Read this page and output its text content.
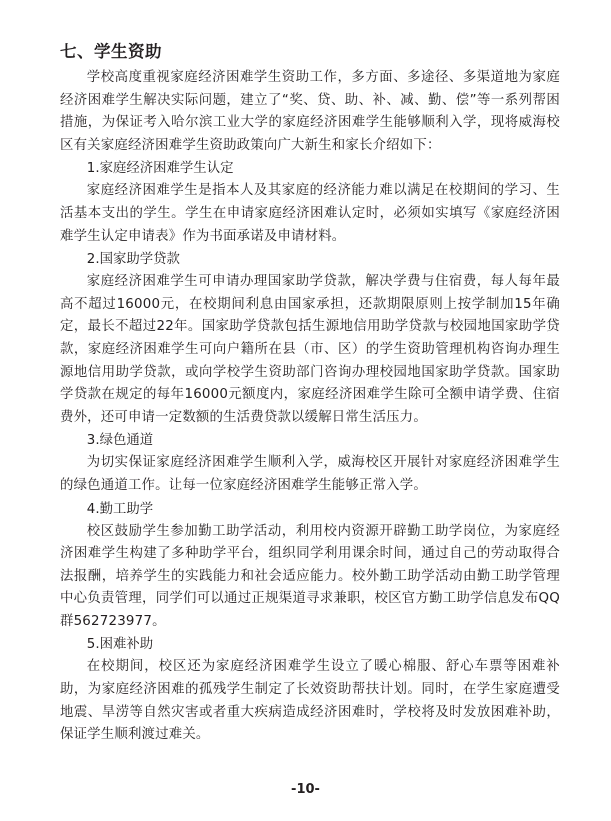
七、学生资助

学校高度重视家庭经济困难学生资助工作，多方面、多途径、多渠道地为家庭经济困难学生解决实际问题，建立了“奖、贷、助、补、减、勤、偿”等一系列帮困措施，为保证考入哈尔滨工业大学的家庭经济困难学生能够顺利入学，现将威海校区有关家庭经济困难学生资助政策向广大新生和家长介绍如下：

1.家庭经济困难学生认定

家庭经济困难学生是指本人及其家庭的经济能力难以满足在校期间的学习、生活基本支出的学生。学生在申请家庭经济困难认定时，必须如实填写《家庭经济困难学生认定申请表》作为书面承诺及申请材料。

2.国家助学贷款

家庭经济困难学生可申请办理国家助学贷款，解决学费与住宿费，每人每年最高不超过16000元，在校期间利息由国家承担，还款期限原则上按学制加15年确定，最长不超过22年。国家助学贷款包括生源地信用助学贷款与校园地国家助学贷款，家庭经济困难学生可向户籍所在县（市、区）的学生资助管理机构咨询办理生源地信用助学贷款，或向学校学生资助部门咨询办理校园地国家助学贷款。国家助学贷款在规定的每年16000元额度内，家庭经济困难学生除可全额申请学费、住宿费外，还可申请一定数额的生活费贷款以缓解日常生活压力。

3.绿色通道

为切实保证家庭经济困难学生顺利入学，威海校区开展针对家庭经济困难学生的绿色通道工作。让每一位家庭经济困难学生能够正常入学。

4.勤工助学

校区鼓励学生参加勤工助学活动，利用校内资源开辟勤工助学岗位，为家庭经济困难学生构建了多种助学平台，组织同学利用课余时间，通过自己的劳动取得合法报酬，培养学生的实践能力和社会适应能力。校外勤工助学活动由勤工助学管理中心负责管理，同学们可以通过正规渠道寻求兼职，校区官方勤工助学信息发布QQ群562723977。

5.困难补助

在校期间，校区还为家庭经济困难学生设立了暖心棉服、舒心车票等困难补助，为家庭经济困难的孤残学生制定了长效资助帮扶计划。同时，在学生家庭遭受地震、旱涝等自然灾害或者重大疾病造成经济困难时，学校将及时发放困难补助，保证学生顺利渡过难关。

-10-
